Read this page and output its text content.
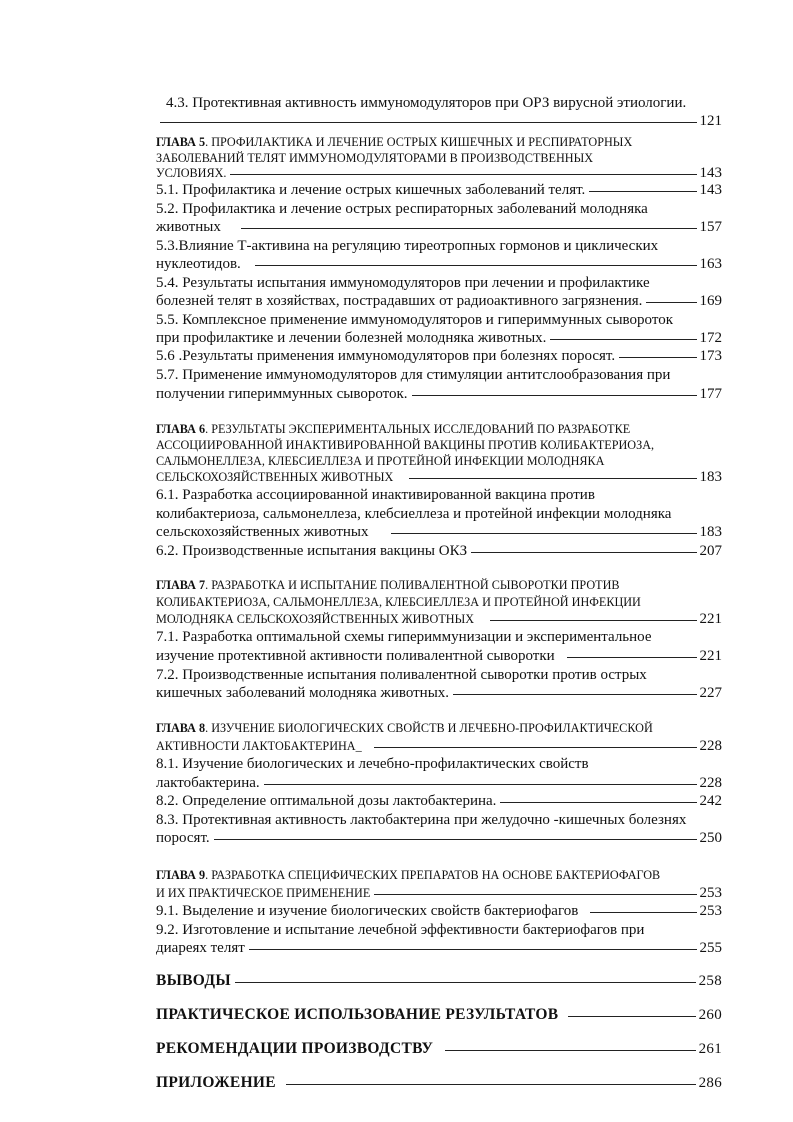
4.3. Протективная активность иммуномодуляторов при ОРЗ вирусной этиологии.
121
ГЛАВА 5. ПРОФИЛАКТИКА И ЛЕЧЕНИЕ ОСТРЫХ КИШЕЧНЫХ И РЕСПИРАТОРНЫХ
ЗАБОЛЕВАНИЙ ТЕЛЯТ ИММУНОМОДУЛЯТОРАМИ В ПРОИЗВОДСТВЕННЫХ
УСЛОВИЯХ.	143
5.1. Профилактика и лечение острых кишечных заболеваний телят.	143
5.2. Профилактика и лечение острых респираторных заболеваний молодняка
животных	157
5.3.Влияние Т-активина на регуляцию тиреотропных гормонов и циклических
нуклеотидов.	163
5.4. Результаты испытания иммуномодуляторов при лечении и профилактике
болезней телят в хозяйствах, пострадавших от радиоактивного загрязнения.	169
5.5. Комплексное применение иммуномодуляторов и гипериммунных сывороток
при профилактике и лечении болезней молодняка животных.	172
5.6 .Результаты применения иммуномодуляторов при болезнях поросят.	173
5.7. Применение иммуномодуляторов для стимуляции антитслообразования при
получении гипериммунных сывороток.	177
ГЛАВА 6. РЕЗУЛЬТАТЫ ЭКСПЕРИМЕНТАЛЬНЫХ ИССЛЕДОВАНИЙ ПО РАЗРАБОТКЕ
АССОЦИИРОВАННОЙ ИНАКТИВИРОВАННОЙ ВАКЦИНЫ ПРОТИВ КОЛИБАКТЕРИОЗА,
САЛЬМОНЕЛЛЕЗА, КЛЕБСИЕЛЛЕЗА И ПРОТЕЙНОЙ ИНФЕКЦИИ МОЛОДНЯКА
СЕЛЬСКОХОЗЯЙСТВЕННЫХ ЖИВОТНЫХ	183
6.1. Разработка ассоциированной инактивированной вакцина против
колибактериоза, сальмонеллеза, клебсиеллеза и протейной инфекции молодняка
сельскохозяйственных животных	183
6.2. Производственные испытания вакцины ОКЗ	207
ГЛАВА 7. РАЗРАБОТКА И ИСПЫТАНИЕ ПОЛИВАЛЕНТНОЙ СЫВОРОТКИ ПРОТИВ
КОЛИБАКТЕРИОЗА, САЛЬМОНЕЛЛЕЗА, КЛЕБСИЕЛЛЕЗА И ПРОТЕЙНОЙ ИНФЕКЦИИ
МОЛОДНЯКА СЕЛЬСКОХОЗЯЙСТВЕННЫХ ЖИВОТНЫХ	221
7.1. Разработка оптимальной схемы гипериммунизации и экспериментальное
изучение протективной активности поливалентной сыворотки	221
7.2. Производственные испытания поливалентной сыворотки против острых
кишечных заболеваний молодняка животных.	227
ГЛАВА 8. ИЗУЧЕНИЕ БИОЛОГИЧЕСКИХ СВОЙСТВ И ЛЕЧЕБНО-ПРОФИЛАКТИЧЕСКОЙ
АКТИВНОСТИ ЛАКТОБАКТЕРИНА_	228
8.1. Изучение биологических и лечебно-профилактических свойств
лактобактерина.	228
8.2. Определение оптимальной дозы лактобактерина.	242
8.3. Протективная активность лактобактерина при желудочно -кишечных болезнях
поросят.	250
ГЛАВА 9. РАЗРАБОТКА СПЕЦИФИЧЕСКИХ ПРЕПАРАТОВ НА ОСНОВЕ БАКТЕРИОФАГОВ
И ИХ ПРАКТИЧЕСКОЕ ПРИМЕНЕНИЕ	253
9.1. Выделение и изучение биологических свойств бактериофагов	253
9.2. Изготовление и испытание лечебной эффективности бактериофагов при
диареях телят	255
ВЫВОДЫ	258
ПРАКТИЧЕСКОЕ ИСПОЛЬЗОВАНИЕ РЕЗУЛЬТАТОВ	260
РЕКОМЕНДАЦИИ ПРОИЗВОДСТВУ	261
ПРИЛОЖЕНИЕ	286
